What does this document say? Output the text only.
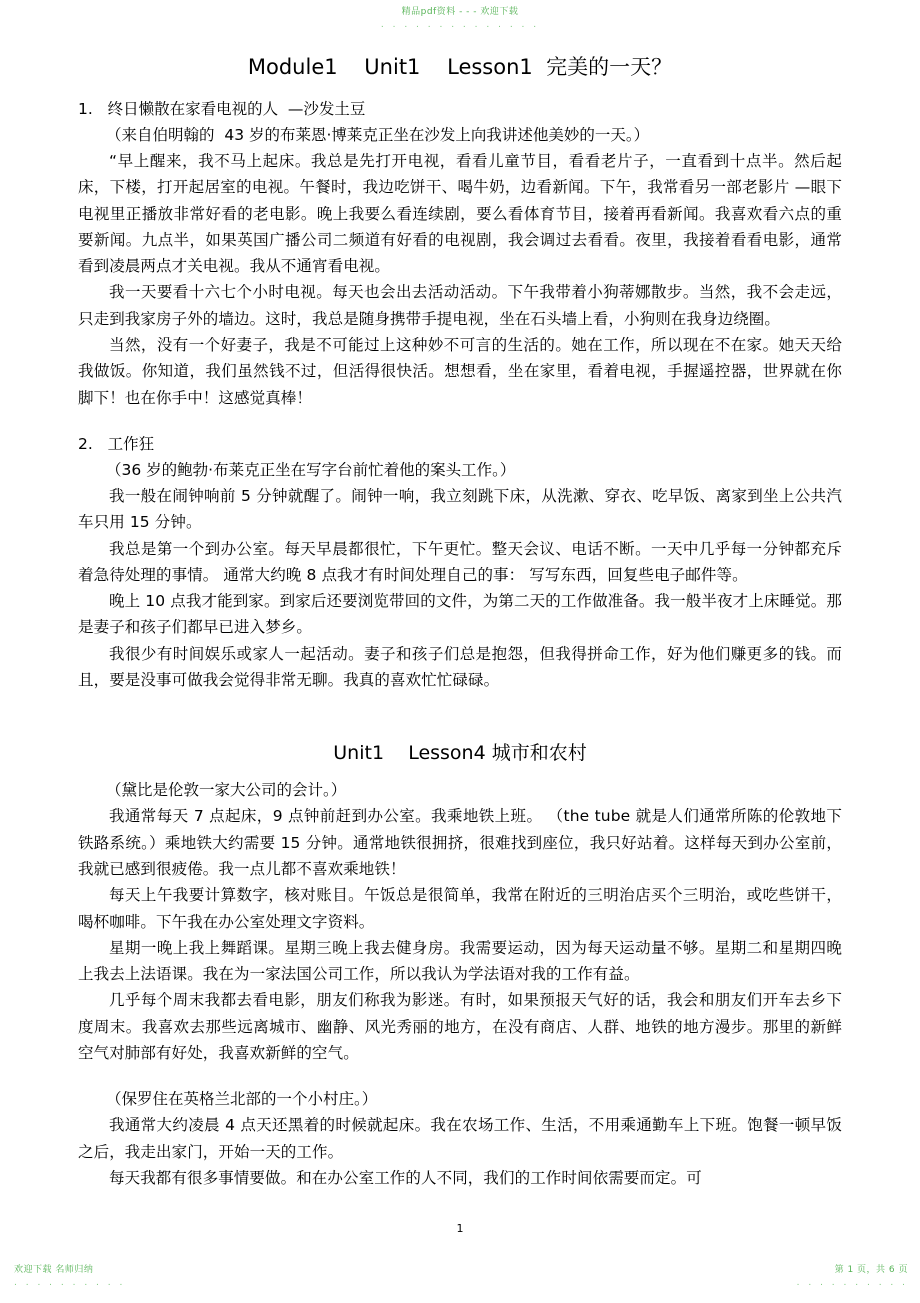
精品pdf资料 - - - 欢迎下载
. . . . . . . . . . . . . .
Module1    Unit1    Lesson1  完美的一天？
1.   终日懒散在家看电视的人  —沙发土豆
（来自伯明翰的  43 岁的布莱恩·博莱克正坐在沙发上向我讲述他美妙的一天。）

“早上醒来，我不马上起床。我总是先打开电视，看看儿童节目，看看老片子，一直看到十点半。然后起床，下楼，打开起居室的电视。午餐时，我边吃饼干、喝牛奶，边看新闻。下午，我常看另一部老影片 —眼下电视里正播放非常好看的老电影。晚上我要么看连续剧，要么看体育节目，接着再看新闻。我喜欢看六点的重要新闻。九点半，如果英国广播公司二频道有好看的电视剧，我会调过去看看。夜里，我接着看看电影，通常看到凌晨两点才关电视。我从不通宵看电视。

我一天要看十六七个小时电视。每天也会出去活动活动。下午我带着小狗蒂娜散步。当然，我不会走远，只走到我家房子外的墙边。这时，我总是随身携带手提电视，坐在石头墙上看，小狗则在我身边绕圈。

当然，没有一个好妻子，我是不可能过上这种妙不可言的生活的。她在工作，所以现在不在家。她天天给我做饭。你知道，我们虽然钱不过，但活得很快活。想想看，坐在家里，看着电视，手握遥控器，世界就在你脚下！也在你手中！这感觉真棒！

2.   工作狂
（36 岁的鲍勃·布莱克正坐在写字台前忙着他的案头工作。）

我一般在闹钟响前 5 分钟就醒了。闹钟一响，我立刻跳下床，从洗漱、穿衣、吃早饭、离家到坐上公共汽车只用 15 分钟。

我总是第一个到办公室。每天早晨都很忙，下午更忙。整天会议、电话不断。一天中几乎每一分钟都充斥着急待处理的事情。 通常大约晚 8 点我才有时间处理自己的事： 写写东西，回复些电子邮件等。

晚上 10 点我才能到家。到家后还要浏览带回的文件，为第二天的工作做准备。我一般半夜才上床睡觉。那是妻子和孩子们都早已进入梦乡。

我很少有时间娱乐或家人一起活动。妻子和孩子们总是抱怨，但我得拼命工作，好为他们赚更多的钱。而且，要是没事可做我会觉得非常无聊。我真的喜欢忙忙碌碌。

Unit1    Lesson4 城市和农村
（黛比是伦敦一家大公司的会计。）

我通常每天 7 点起床，9 点钟前赶到办公室。我乘地铁上班。 （the tube 就是人们通常所陈的伦敦地下铁路系统。）乘地铁大约需要 15 分钟。通常地铁很拥挤，很难找到座位，我只好站着。这样每天到办公室前，我就已感到很疲倦。我一点儿都不喜欢乘地铁！

每天上午我要计算数字，核对账目。午饭总是很简单，我常在附近的三明治店买个三明治，或吃些饼干，喝杯咖啡。下午我在办公室处理文字资料。

星期一晚上我上舞蹈课。星期三晚上我去健身房。我需要运动，因为每天运动量不够。星期二和星期四晚上我去上法语课。我在为一家法国公司工作，所以我认为学法语对我的工作有益。

几乎每个周末我都去看电影，朋友们称我为影迷。有时，如果预报天气好的话，我会和朋友们开车去乡下度周末。我喜欢去那些远离城市、幽静、风光秀丽的地方，在没有商店、人群、地铁的地方漫步。那里的新鲜空气对肺部有好处，我喜欢新鲜的空气。

（保罗住在英格兰北部的一个小村庄。）

我通常大约凌晨 4 点天还黑着的时候就起床。我在农场工作、生活，不用乘通勤车上下班。饱餐一顿早饭之后，我走出家门，开始一天的工作。

每天我都有很多事情要做。和在办公室工作的人不同，我们的工作时间依需要而定。可

1
欢迎下载 名师归纳
. . . . . . . . . .
第 1 页，共 6 页
. . . . . . . . . .
